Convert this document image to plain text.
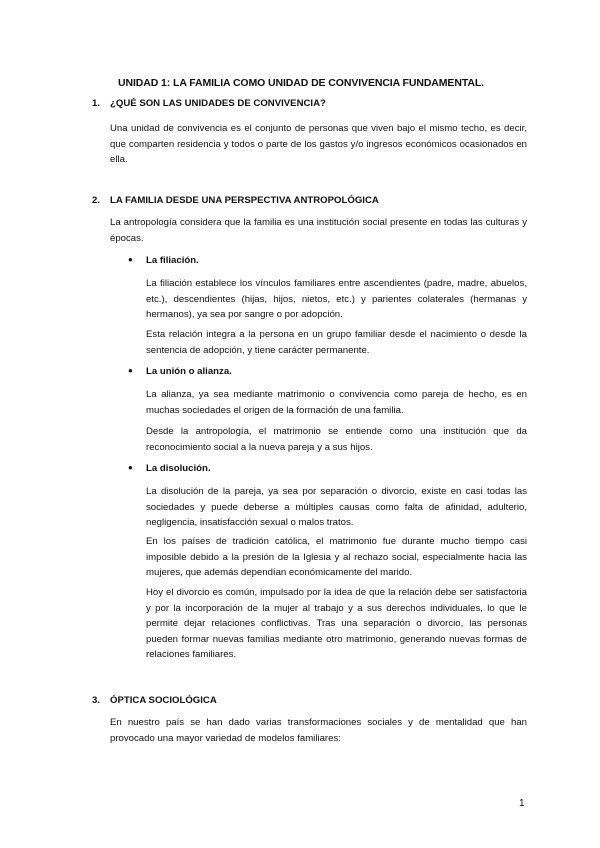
UNIDAD 1: LA FAMILIA COMO UNIDAD DE CONVIVENCIA FUNDAMENTAL.
1. ¿QUÉ SON LAS UNIDADES DE CONVIVENCIA?

Una unidad de convivencia es el conjunto de personas que viven bajo el mismo techo, es decir, que comparten residencia y todos o parte de los gastos y/o ingresos económicos ocasionados en ella.

2. LA FAMILIA DESDE UNA PERSPECTIVA ANTROPOLÓGICA

La antropología considera que la familia es una institución social presente en todas las culturas y épocas.

● La filiación.

La filiación establece los vínculos familiares entre ascendientes (padre, madre, abuelos, etc.), descendientes (hijas, hijos, nietos, etc.) y parientes colaterales (hermanas y hermanos), ya sea por sangre o por adopción.

Esta relación integra a la persona en un grupo familiar desde el nacimiento o desde la sentencia de adopción, y tiene carácter permanente.

● La unión o alianza.

La alianza, ya sea mediante matrimonio o convivencia como pareja de hecho, es en muchas sociedades el origen de la formación de una familia.

Desde la antropología, el matrimonio se entiende como una institución que da reconocimiento social a la nueva pareja y a sus hijos.

● La disolución.

La disolución de la pareja, ya sea por separación o divorcio, existe en casi todas las sociedades y puede deberse a múltiples causas como falta de afinidad, adulterio, negligencia, insatisfacción sexual o malos tratos.

En los países de tradición católica, el matrimonio fue durante mucho tiempo casi imposible debido a la presión de la Iglesia y al rechazo social, especialmente hacia las mujeres, que además dependían económicamente del marido.

Hoy el divorcio es común, impulsado por la idea de que la relación debe ser satisfactoria y por la incorporación de la mujer al trabajo y a sus derechos individuales, lo que le permite dejar relaciones conflictivas. Tras una separación o divorcio, las personas pueden formar nuevas familias mediante otro matrimonio, generando nuevas formas de relaciones familiares.

3. ÓPTICA SOCIOLÓGICA

En nuestro país se han dado varias transformaciones sociales y de mentalidad que han provocado una mayor variedad de modelos familiares:

1
